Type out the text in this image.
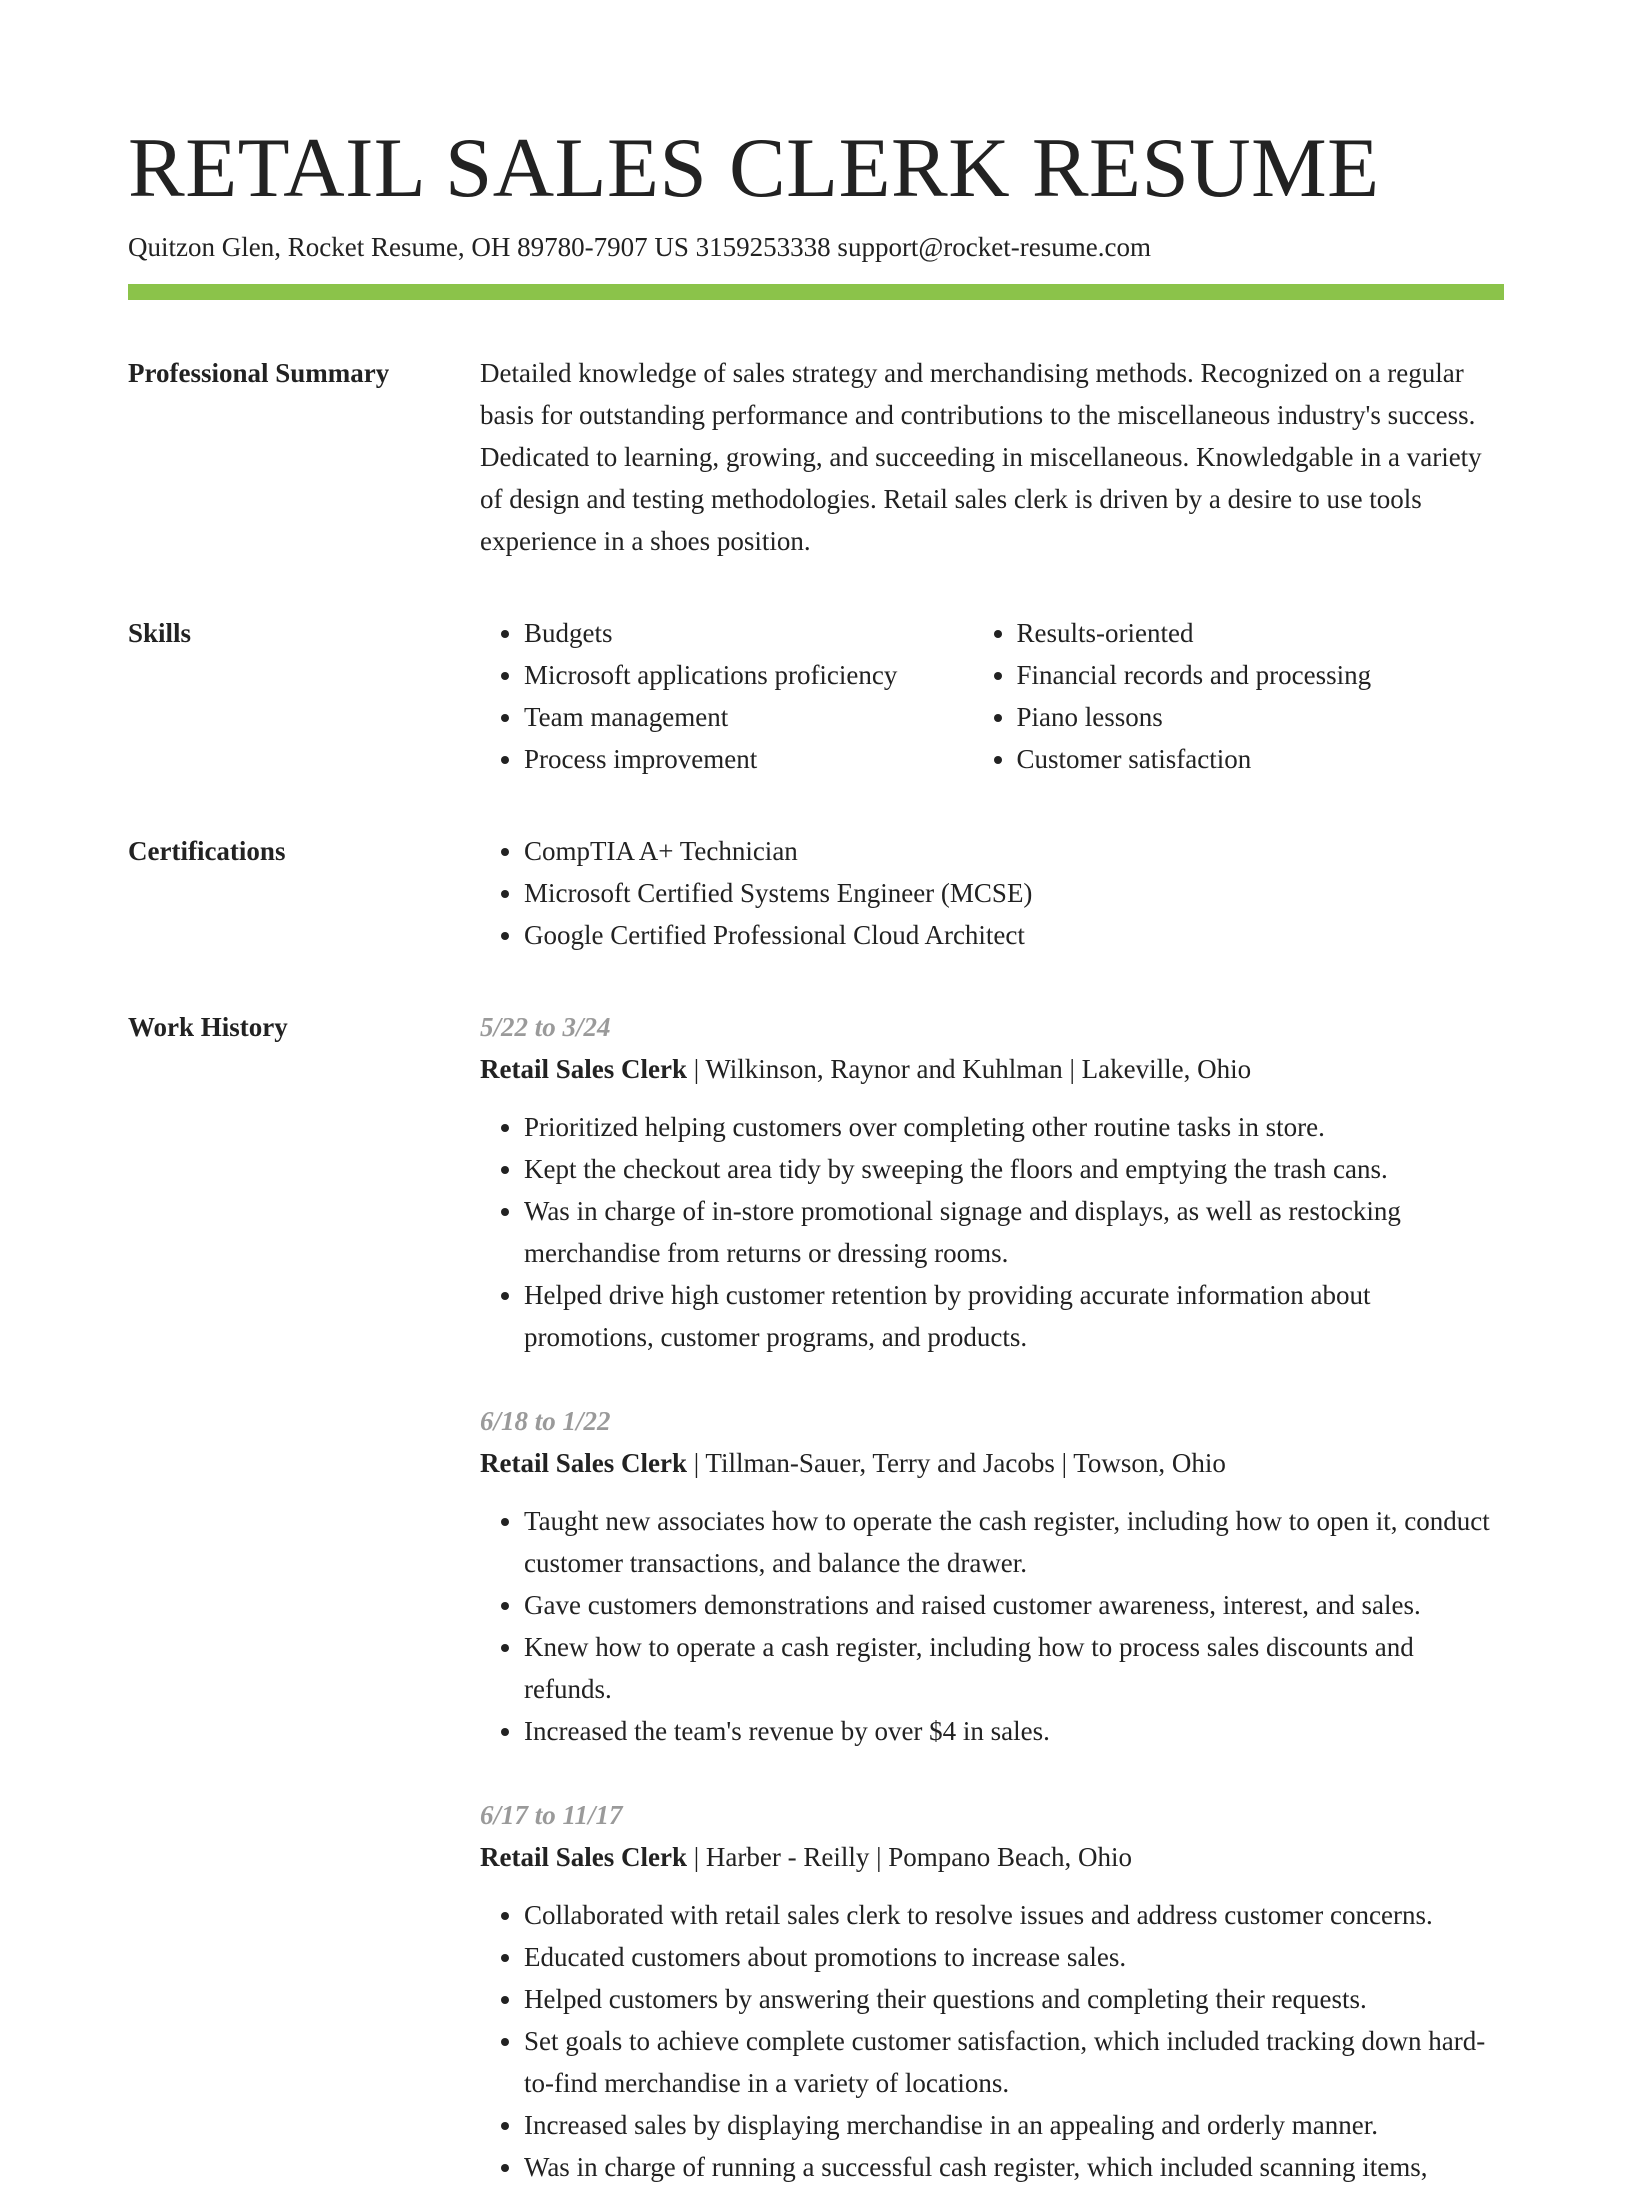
RETAIL SALES CLERK RESUME
Quitzon Glen, Rocket Resume, OH 89780-7907 US 3159253338 support@rocket-resume.com
Professional Summary	Detailed knowledge of sales strategy and merchandising methods. Recognized on a regular basis for outstanding performance and contributions to the miscellaneous industry's success. Dedicated to learning, growing, and succeeding in miscellaneous. Knowledgable in a variety of design and testing methodologies. Retail sales clerk is driven by a desire to use tools experience in a shoes position.

Skills	• Budgets
• Microsoft applications proficiency
• Team management
• Process improvement
• Results-oriented
• Financial records and processing
• Piano lessons
• Customer satisfaction
Certifications	• CompTIA A+ Technician
• Microsoft Certified Systems Engineer (MCSE)
• Google Certified Professional Cloud Architect
Work History	5/22 to 3/24
Retail Sales Clerk | Wilkinson, Raynor and Kuhlman | Lakeville, Ohio
• Prioritized helping customers over completing other routine tasks in store.
• Kept the checkout area tidy by sweeping the floors and emptying the trash cans.
• Was in charge of in-store promotional signage and displays, as well as restocking merchandise from returns or dressing rooms.
• Helped drive high customer retention by providing accurate information about promotions, customer programs, and products.
6/18 to 1/22
Retail Sales Clerk | Tillman-Sauer, Terry and Jacobs | Towson, Ohio
• Taught new associates how to operate the cash register, including how to open it, conduct customer transactions, and balance the drawer.
• Gave customers demonstrations and raised customer awareness, interest, and sales.
• Knew how to operate a cash register, including how to process sales discounts and refunds.
• Increased the team's revenue by over $4 in sales.
6/17 to 11/17
Retail Sales Clerk | Harber - Reilly | Pompano Beach, Ohio
• Collaborated with retail sales clerk to resolve issues and address customer concerns.
• Educated customers about promotions to increase sales.
• Helped customers by answering their questions and completing their requests.
• Set goals to achieve complete customer satisfaction, which included tracking down hard-to-find merchandise in a variety of locations.
• Increased sales by displaying merchandise in an appealing and orderly manner.
• Was in charge of running a successful cash register, which included scanning items,
